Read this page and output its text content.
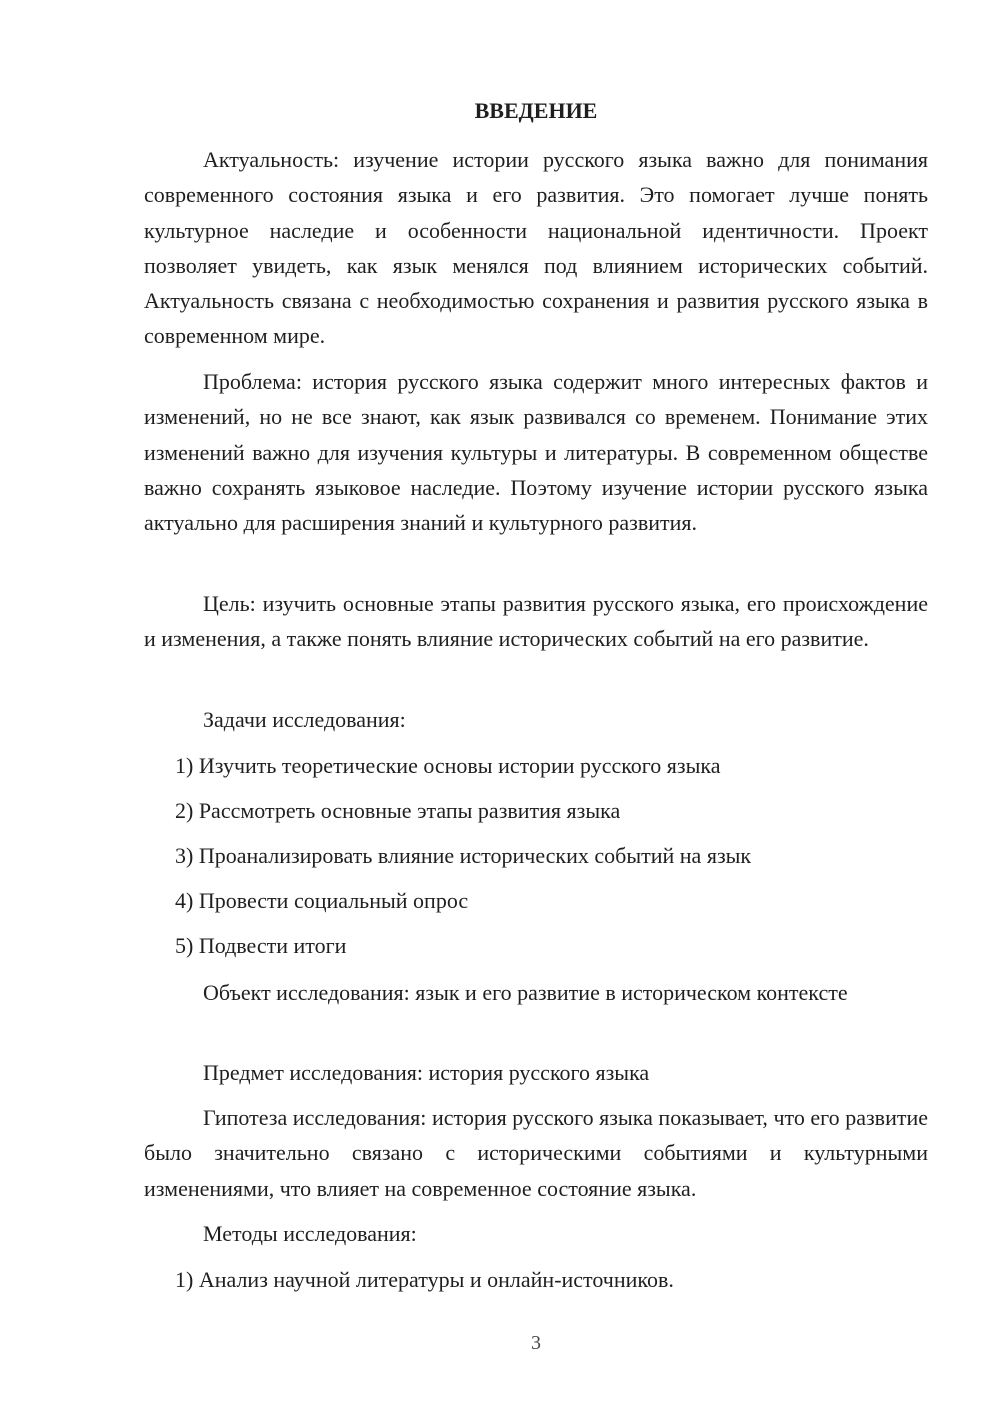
ВВЕДЕНИЕ

Актуальность: изучение истории русского языка важно для понимания современного состояния языка и его развития. Это помогает лучше понять культурное наследие и особенности национальной идентичности. Проект позволяет увидеть, как язык менялся под влиянием исторических событий. Актуальность связана с необходимостью сохранения и развития русского языка в современном мире.

Проблема: история русского языка содержит много интересных фактов и изменений, но не все знают, как язык развивался со временем. Понимание этих изменений важно для изучения культуры и литературы. В современном обществе важно сохранять языковое наследие. Поэтому изучение истории русского языка актуально для расширения знаний и культурного развития.

Цель: изучить основные этапы развития русского языка, его происхождение и изменения, а также понять влияние исторических событий на его развитие.

Задачи исследования:

1) Изучить теоретические основы истории русского языка

2) Рассмотреть основные этапы развития языка

3) Проанализировать влияние исторических событий на язык

4) Провести социальный опрос

5) Подвести итоги

Объект исследования: язык и его развитие в историческом контексте

Предмет исследования: история русского языка

Гипотеза исследования: история русского языка показывает, что его развитие было значительно связано с историческими событиями и культурными изменениями, что влияет на современное состояние языка.

Методы исследования:

1) Анализ научной литературы и онлайн-источников.

3
